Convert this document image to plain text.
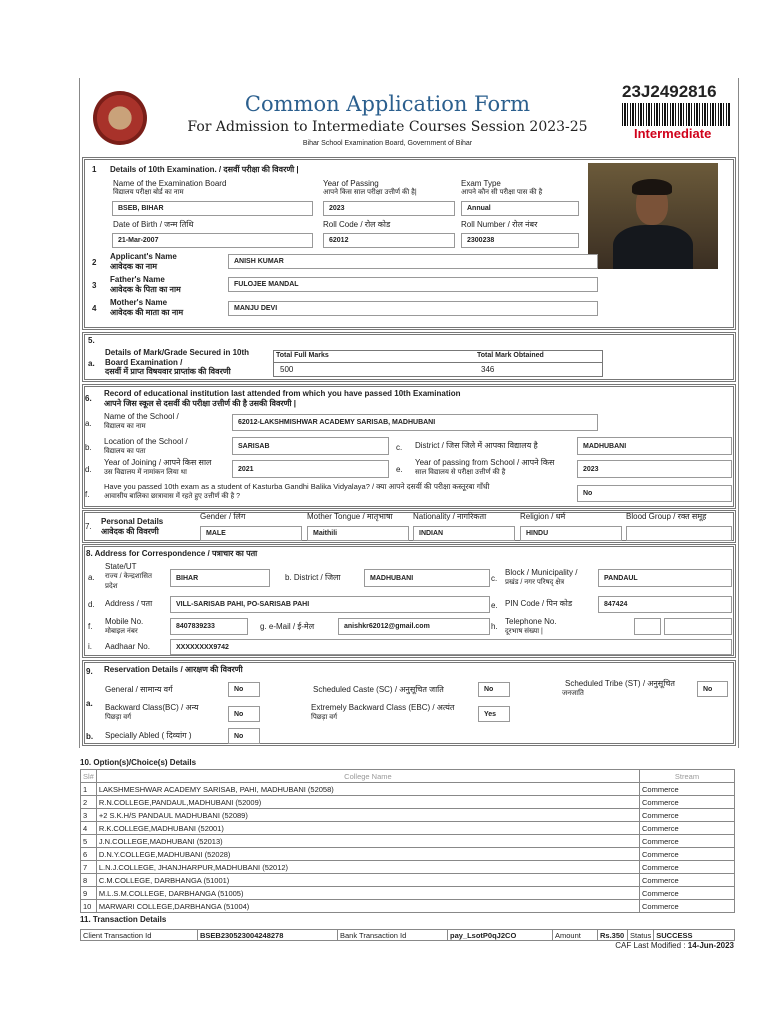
Common Application Form
For Admission to Intermediate Courses Session 2023-25
Bihar School Examination Board, Government of Bihar
23J2492816
Intermediate
1 Details of 10th Examination. / दसवीं परीक्षा की विवरणी |
Name of the Examination Board
विद्यालय परीक्षा बोर्ड का नाम
Year of Passing
आपने किस साल परीक्षा उत्तीर्ण की है|
Exam Type
आपने कौन सी परीक्षा पास की है
BSEB, BIHAR	2023	Annual
Date of Birth / जन्म तिथि	Roll Code / रोल कोड	Roll Number / रोल नंबर
21-Mar-2007	62012	2300238
2
Applicant's Name
आवेदक का नाम
ANISH KUMAR
3
Father's Name
आवेदक के पिता का नाम
FULOJEE MANDAL
4
Mother's Name
आवेदक की माता का नाम	MANJU DEVI
5.
a.
Details of Mark/Grade Secured in 10th
Board Examination /
दसवीं में प्राप्त विषयवार प्राप्तांक की विवरणी
Total Full Marks	Total Mark Obtained
500	346
6.
Record of educational institution last attended from which you have passed 10th Examination
आपने जिस स्कूल से दसवीं की परीक्षा उत्तीर्ण की है उसकी विवरणी |
a.
Name of the School /
विद्यालय का नाम
62012-LAKSHMISHWAR ACADEMY SARISAB, MADHUBANI
b.
Location of the School /
विद्यालय का पता
SARISAB	c. District / जिस जिले में आपका विद्यालय है	MADHUBANI
d.
Year of Joining / आपने किस साल
उस विद्यालय में नामांकन लिया था	2021	e.
Year of passing from School / आपने किस
साल विद्यालय से परीक्षा उत्तीर्ण की है	2023
f.
Have you passed 10th exam as a student of Kasturba Gandhi Balika Vidyalaya? / क्या आपने दसवीं की परीक्षा कस्तूरबा गाँधी
आवासीय बालिका छात्रावास में रहते हुए उत्तीर्ण की है ?	No
7.
Personal Details
आवेदक की विवरणी
Gender / लिंग	Mother Tongue / मातृभाषा	Nationality / नागरिकता	Religion / धर्म	Blood Group / रक्त समूह
MALE	Maithili	INDIAN	HINDU
8. Address for Correspondence / पत्राचार का पता
a.
State/UT
राज्य / केन्द्रशासित
प्रदेश
BIHAR	b. District / जिला	MADHUBANI	c.
Block / Municipality /
प्रखंड / नगर परिषद् क्षेत्र
PANDAUL
d. Address / पता	VILL-SARISAB PAHI, PO-SARISAB PAHI	e. PIN Code / पिन कोड	847424
f.
Mobile No.
मोबाइल नंबर
8407839233	g. e-Mail / ई-मेल	anishkr62012@gmail.com	h.
Telephone No.
दूरभाष संख्या |
i. Aadhaar No.	XXXXXXXX9742
9. Reservation Details / आरक्षण की विवरणी
General / सामान्य वर्ग	No	Scheduled Caste (SC) / अनुसूचित जाति	No
Scheduled Tribe (ST) / अनुसूचित
जनजाति
No
a. Backward Class(BC) / अन्य
पिछड़ा वर्ग	No
Extremely Backward Class (EBC) / अत्यंत
पिछड़ा वर्ग	Yes
b. Specially Abled ( दिव्यांग )	No
10. Option(s)/Choice(s) Details
Sl#	College Name	Stream
1	LAKSHMESHWAR ACADEMY SARISAB, PAHI, MADHUBANI (52058)	Commerce
2	R.N.COLLEGE,PANDAUL,MADHUBANI (52009)	Commerce
3	+2 S.K.H/S PANDAUL MADHUBANI (52089)	Commerce
4	R.K.COLLEGE,MADHUBANI (52001)	Commerce
5	J.N.COLLEGE,MADHUBANI (52013)	Commerce
6	D.N.Y.COLLEGE,MADHUBANI (52028)	Commerce
7	L.N.J.COLLEGE, JHANJHARPUR,MADHUBANI (52012)	Commerce
8	C.M.COLLEGE, DARBHANGA (51001)	Commerce
9	M.L.S.M.COLLEGE, DARBHANGA (51005)	Commerce
10	MARWARI COLLEGE,DARBHANGA (51004)	Commerce
11. Transaction Details
Client Transaction Id	BSEB230523004248278	Bank Transaction Id	pay_LsotP0qJ2CO	Amount	Rs.350	Status	SUCCESS
CAF Last Modified : 14-Jun-2023
